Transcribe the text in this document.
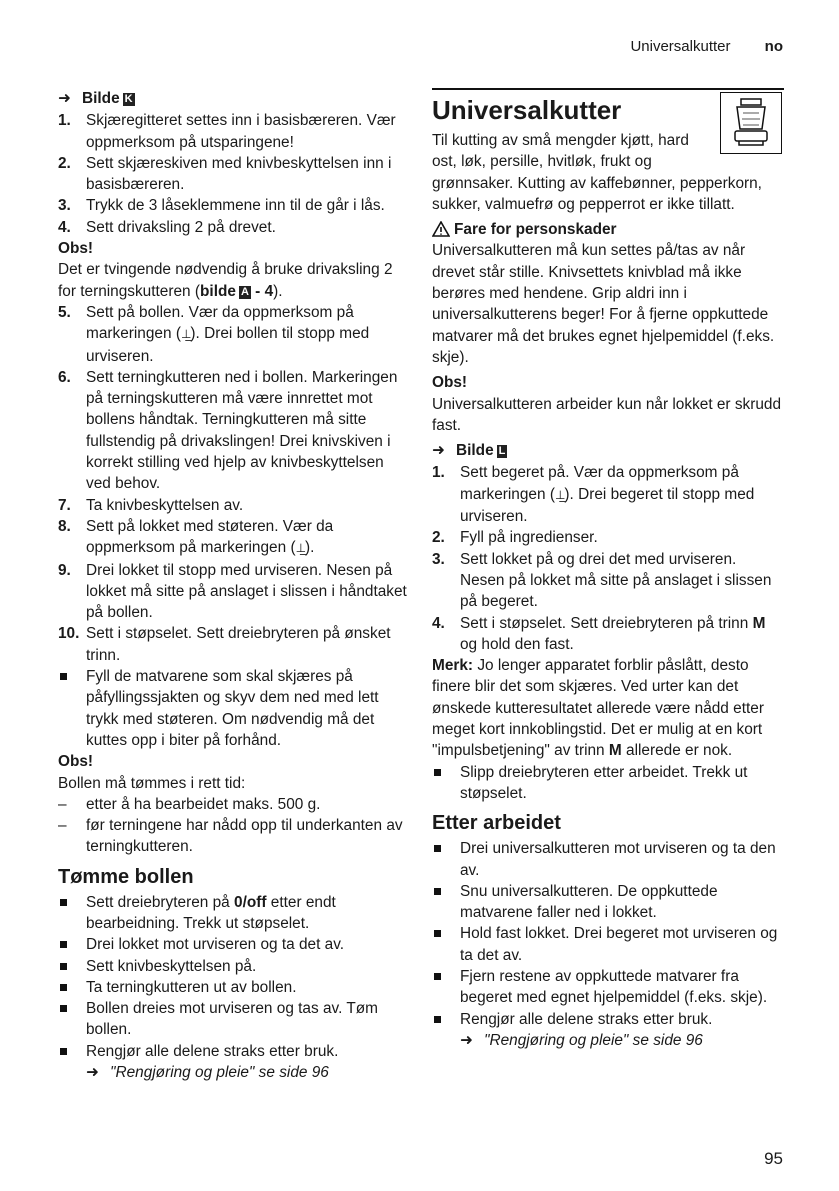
Universalkutter no
➜ Bilde K
1. Skjæregitteret settes inn i basisbæreren. Vær oppmerksom på utsparingene!
2. Sett skjæreskiven med knivbeskyttelsen inn i basisbæreren.
3. Trykk de 3 låseklemmene inn til de går i lås.
4. Sett drivaksling 2 på drevet.

Obs!

Det er tvingende nødvendig å bruke drivaksling 2 for terningskutteren (bilde A - 4).

5. Sett på bollen. Vær da oppmerksom på markeringen (⊥̲). Drei bollen til stopp med urviseren.
6. Sett terningkutteren ned i bollen. Markeringen på terningskutteren må være innrettet mot bollens håndtak. Terningkutteren må sitte fullstendig på drivakslingen! Drei knivskiven i korrekt stilling ved hjelp av knivbeskyttelsen ved behov.
7. Ta knivbeskyttelsen av.
8. Sett på lokket med støteren. Vær da oppmerksom på markeringen (⊥̲).
9. Drei lokket til stopp med urviseren. Nesen på lokket må sitte på anslaget i slissen i håndtaket på bollen.
10. Sett i støpselet. Sett dreiebryteren på ønsket trinn.
Fyll de matvarene som skal skjæres på påfyllingssjakten og skyv dem ned med lett trykk med støteren. Om nødvendig må det kuttes opp i biter på forhånd.

Obs!

Bollen må tømmes i rett tid:

– etter å ha bearbeidet maks. 500 g.
– før terningene har nådd opp til underkanten av terningkutteren.
Tømme bollen
Sett dreiebryteren på 0/off etter endt bearbeidning. Trekk ut støpselet.
Drei lokket mot urviseren og ta det av.
Sett knivbeskyttelsen på.
Ta terningkutteren ut av bollen.
Bollen dreies mot urviseren og tas av. Tøm bollen.
Rengjør alle delene straks etter bruk.
➜ "Rengjøring og pleie" se side 96
Universalkutter

Til kutting av små mengder kjøtt, hard ost, løk, persille, hvitløk, frukt og grønnsaker. Kutting av kaffebønner, pepperkorn, sukker, valmuefrø og pepperrot er ikke tillatt.

Fare for personskader

Universalkutteren må kun settes på/tas av når drevet står stille. Knivsettets knivblad må ikke berøres med hendene. Grip aldri inn i universalkutterens beger! For å fjerne oppkuttede matvarer må det brukes egnet hjelpemiddel (f.eks. skje).

Obs!

Universalkutteren arbeider kun når lokket er skrudd fast.

➜ Bilde L
1. Sett begeret på. Vær da oppmerksom på markeringen (⊥̲). Drei begeret til stopp med urviseren.
2. Fyll på ingredienser.
3. Sett lokket på og drei det med urviseren. Nesen på lokket må sitte på anslaget i slissen på begeret.
4. Sett i støpselet. Sett dreiebryteren på trinn M og hold den fast.

Merk: Jo lenger apparatet forblir påslått, desto finere blir det som skjæres. Ved urter kan det ønskede kutteresultatet allerede være nådd etter meget kort innkoblingstid. Det er mulig at en kort "impulsbetjening" av trinn M allerede er nok.

Slipp dreiebryteren etter arbeidet. Trekk ut støpselet.
Etter arbeidet
Drei universalkutteren mot urviseren og ta den av.
Snu universalkutteren. De oppkuttede matvarene faller ned i lokket.
Hold fast lokket. Drei begeret mot urviseren og ta det av.
Fjern restene av oppkuttede matvarer fra begeret med egnet hjelpemiddel (f.eks. skje).
Rengjør alle delene straks etter bruk.
➜ "Rengjøring og pleie" se side 96
95
